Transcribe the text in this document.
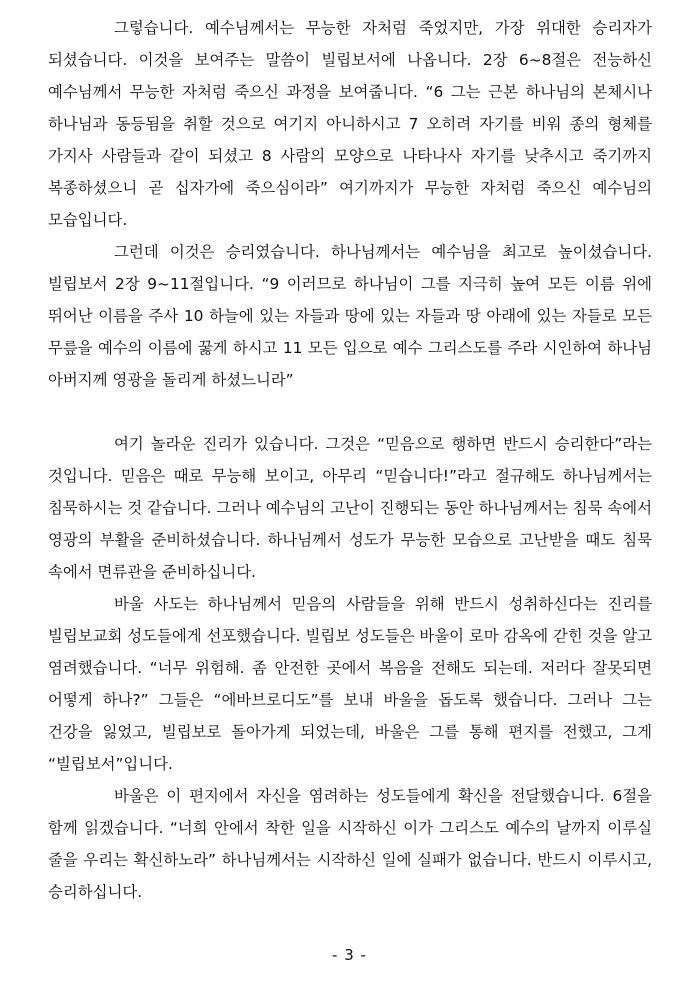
그렇습니다. 예수님께서는 무능한 자처럼 죽었지만, 가장 위대한 승리자가 되셨습니다. 이것을 보여주는 말씀이 빌립보서에 나옵니다. 2장 6~8절은 전능하신 예수님께서 무능한 자처럼 죽으신 과정을 보여줍니다. “6 그는 근본 하나님의 본체시나 하나님과 동등됨을 취할 것으로 여기지 아니하시고 7 오히려 자기를 비워 종의 형체를 가지사 사람들과 같이 되셨고 8 사람의 모양으로 나타나사 자기를 낮추시고 죽기까지 복종하셨으니 곧 십자가에 죽으심이라” 여기까지가 무능한 자처럼 죽으신 예수님의 모습입니다.

그런데 이것은 승리였습니다. 하나님께서는 예수님을 최고로 높이셨습니다. 빌립보서 2장 9~11절입니다. “9 이러므로 하나님이 그를 지극히 높여 모든 이름 위에 뛰어난 이름을 주사 10 하늘에 있는 자들과 땅에 있는 자들과 땅 아래에 있는 자들로 모든 무릎을 예수의 이름에 꿇게 하시고 11 모든 입으로 예수 그리스도를 주라 시인하여 하나님 아버지께 영광을 돌리게 하셨느니라”

여기 놀라운 진리가 있습니다. 그것은 “믿음으로 행하면 반드시 승리한다”라는 것입니다. 믿음은 때로 무능해 보이고, 아무리 “믿습니다!”라고 절규해도 하나님께서는 침묵하시는 것 같습니다. 그러나 예수님의 고난이 진행되는 동안 하나님께서는 침묵 속에서 영광의 부활을 준비하셨습니다. 하나님께서 성도가 무능한 모습으로 고난받을 때도 침묵 속에서 면류관을 준비하십니다.

바울 사도는 하나님께서 믿음의 사람들을 위해 반드시 성취하신다는 진리를 빌립보교회 성도들에게 선포했습니다. 빌립보 성도들은 바울이 로마 감옥에 갇힌 것을 알고 염려했습니다. “너무 위험해. 좀 안전한 곳에서 복음을 전해도 되는데. 저러다 잘못되면 어떻게 하나?” 그들은 “에바브로디도”를 보내 바울을 돕도록 했습니다. 그러나 그는 건강을 잃었고, 빌립보로 돌아가게 되었는데, 바울은 그를 통해 편지를 전했고, 그게 “빌립보서”입니다.

바울은 이 편지에서 자신을 염려하는 성도들에게 확신을 전달했습니다. 6절을 함께 읽겠습니다. “너희 안에서 착한 일을 시작하신 이가 그리스도 예수의 날까지 이루실 줄을 우리는 확신하노라” 하나님께서는 시작하신 일에 실패가 없습니다. 반드시 이루시고, 승리하십니다.

- 3 -
